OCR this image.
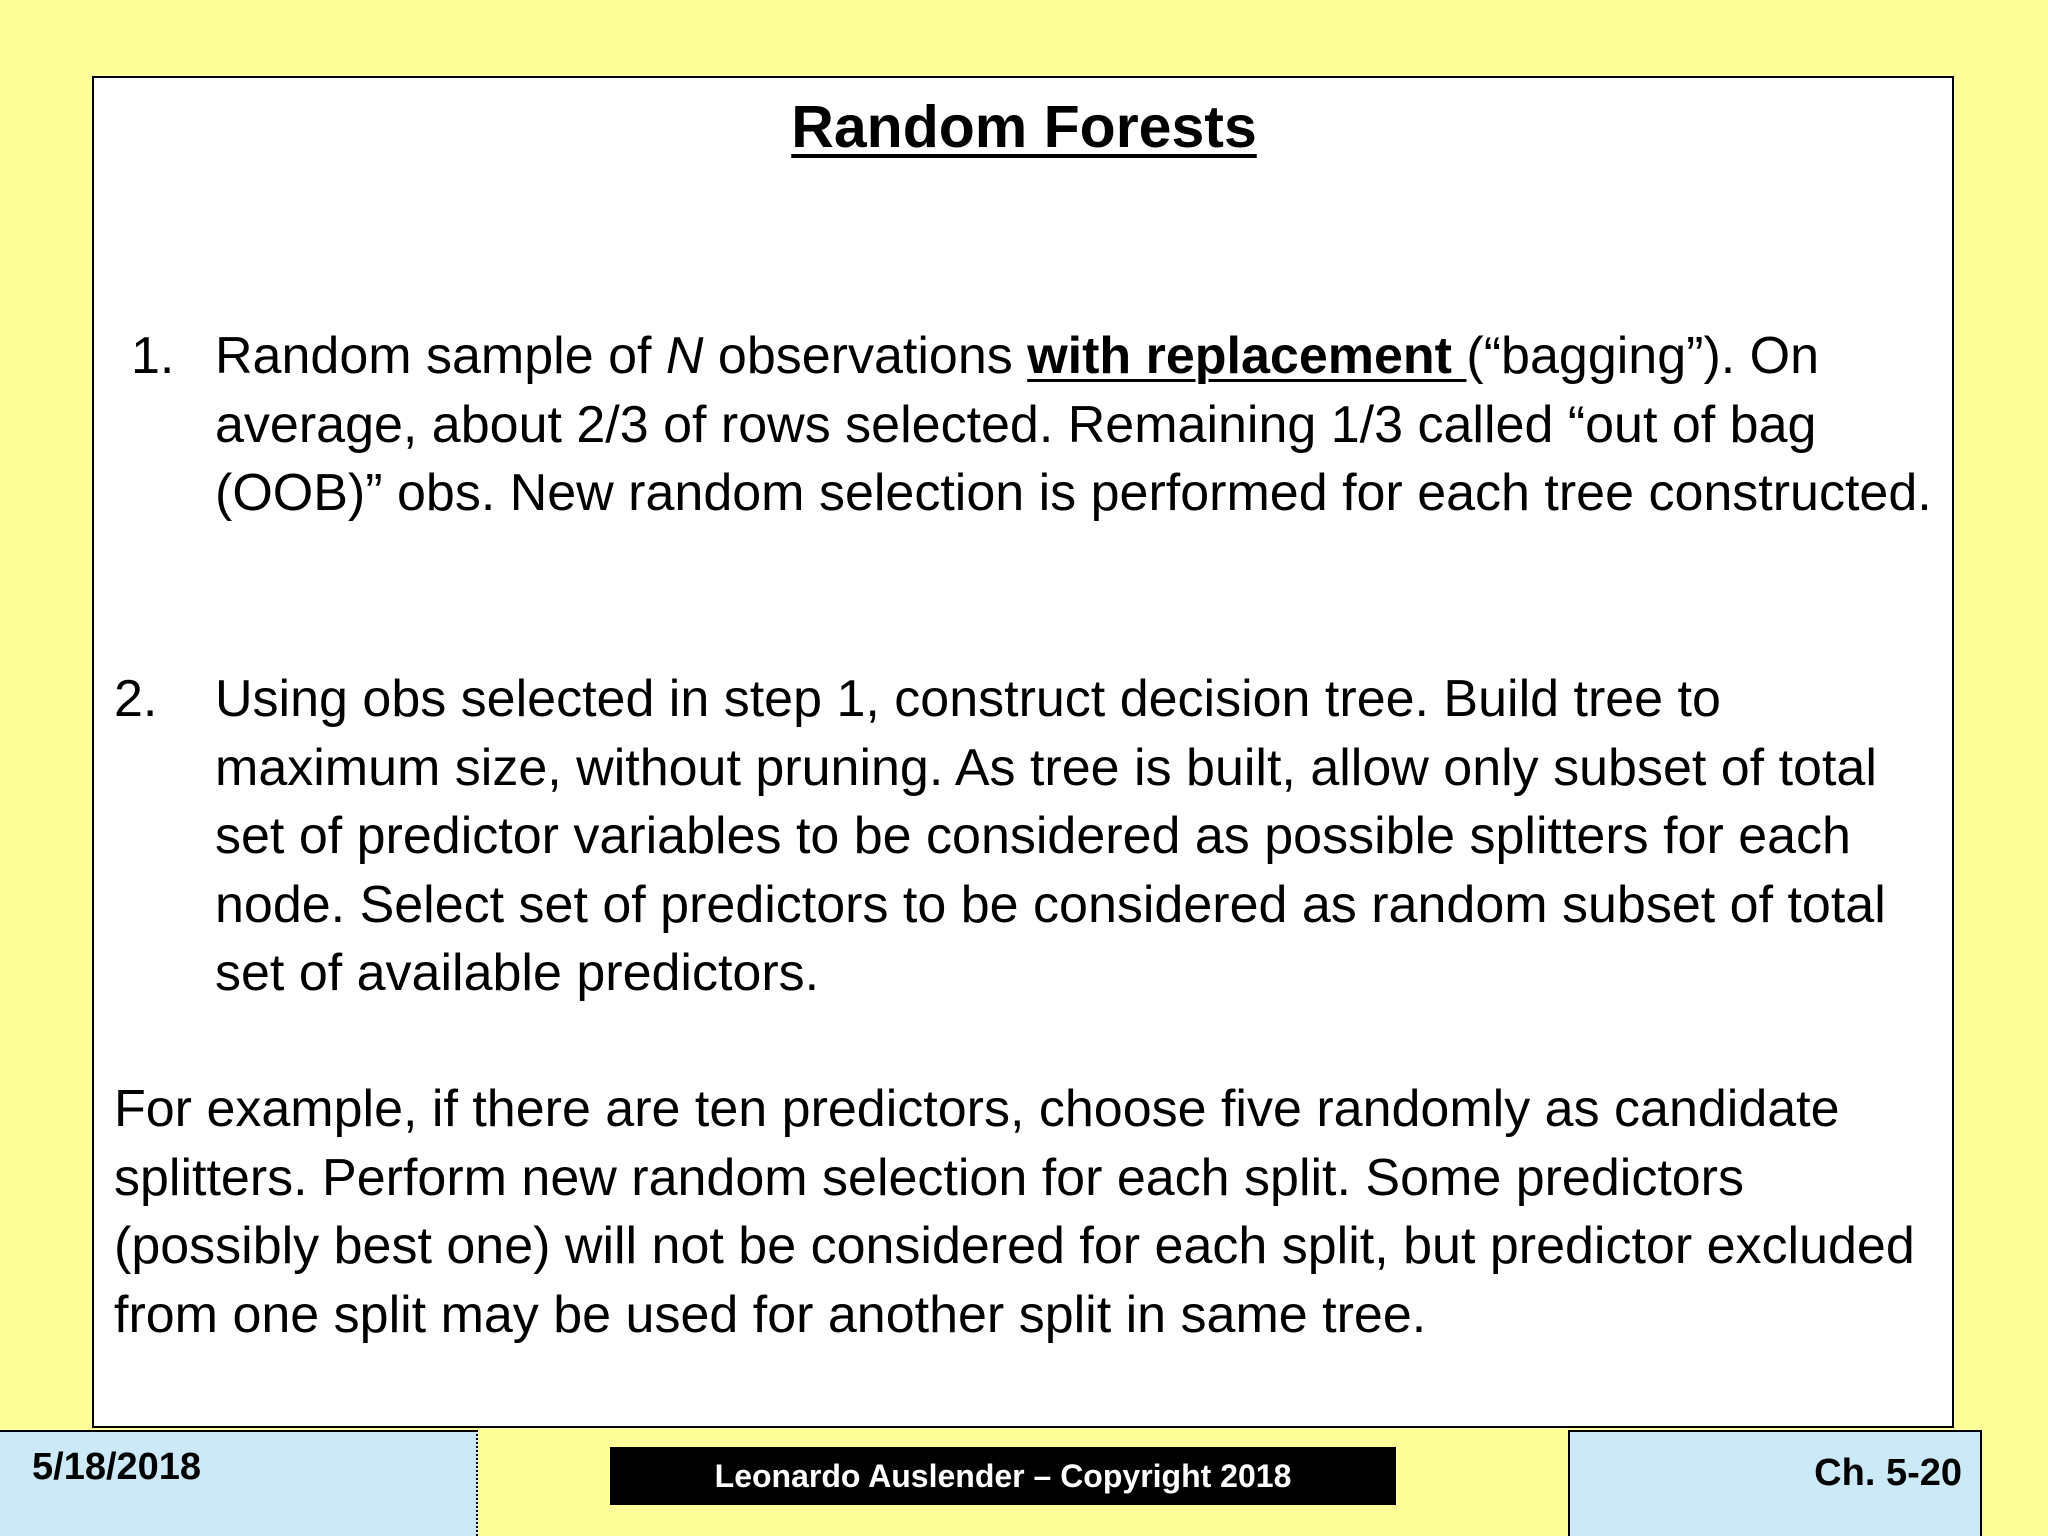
Random Forests
1. Random sample of N observations with replacement (“bagging”). On average, about 2/3 of rows selected. Remaining 1/3 called “out of bag (OOB)” obs. New random selection is performed for each tree constructed.
2. Using obs selected in step 1, construct decision tree. Build tree to maximum size, without pruning. As tree is built, allow only subset of total set of predictor variables to be considered as possible splitters for each node. Select set of predictors to be considered as random subset of total set of available predictors.
For example, if there are ten predictors, choose five randomly as candidate splitters. Perform new random selection for each split. Some predictors (possibly best one) will not be considered for each split, but predictor excluded from one split may be used for another split in same tree.
5/18/2018	Leonardo Auslender – Copyright 2018	Ch. 5-20
